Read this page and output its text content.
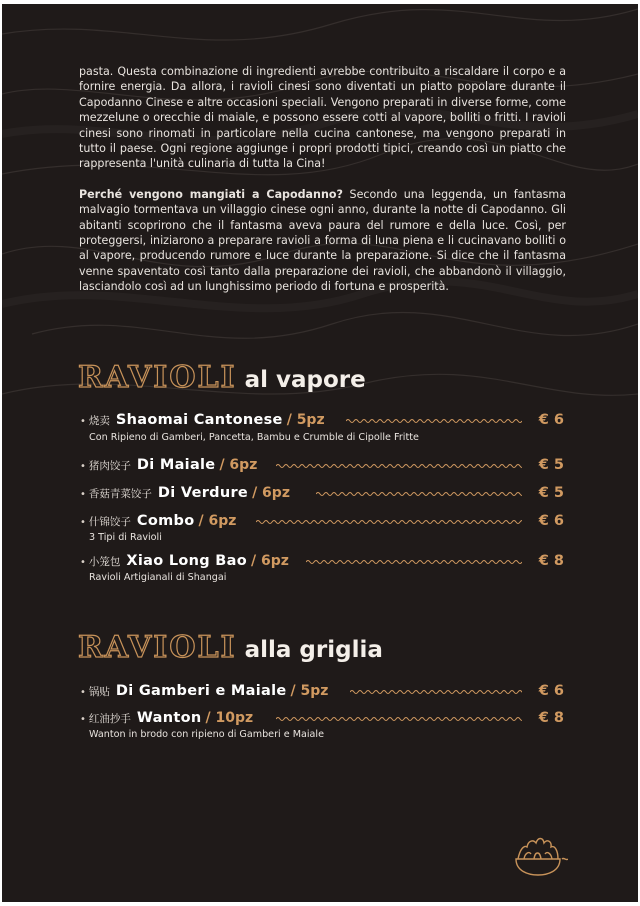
pasta. Questa combinazione di ingredienti avrebbe contribuito a riscaldare il corpo e a fornire energia. Da allora, i ravioli cinesi sono diventati un piatto popolare durante il Capodanno Cinese e altre occasioni speciali. Vengono preparati in diverse forme, come mezzelune o orecchie di maiale, e possono essere cotti al vapore, bolliti o fritti. I ravioli cinesi sono rinomati in particolare nella cucina cantonese, ma vengono preparati in tutto il paese. Ogni regione aggiunge i propri prodotti tipici, creando così un piatto che rappresenta l'unità culinaria di tutta la Cina!

Perché vengono mangiati a Capodanno? Secondo una leggenda, un fantasma malvagio tormentava un villaggio cinese ogni anno, durante la notte di Capodanno. Gli abitanti scoprirono che il fantasma aveva paura del rumore e della luce. Così, per proteggersi, iniziarono a preparare ravioli a forma di luna piena e li cucinavano bolliti o al vapore, producendo rumore e luce durante la preparazione. Si dice che il fantasma venne spaventato così tanto dalla preparazione dei ravioli, che abbandonò il villaggio, lasciandolo così ad un lunghissimo periodo di fortuna e prosperità.

RAVIOLI al vapore
• 烧卖 Shaomai Cantonese / 5pz	€ 6
Con Ripieno di Gamberi, Pancetta, Bambu e Crumble di Cipolle Fritte
• 猪肉饺子 Di Maiale / 6pz	€ 5
• 香菇青菜饺子 Di Verdure / 6pz	€ 5
• 什锦饺子 Combo / 6pz	€ 6
3 Tipi di Ravioli
• 小笼包 Xiao Long Bao / 6pz	€ 8
Ravioli Artigianali di Shangai
RAVIOLI alla griglia
• 锅贴 Di Gamberi e Maiale / 5pz	€ 6
• 红油抄手 Wanton / 10pz	€ 8
Wanton in brodo con ripieno di Gamberi e Maiale
